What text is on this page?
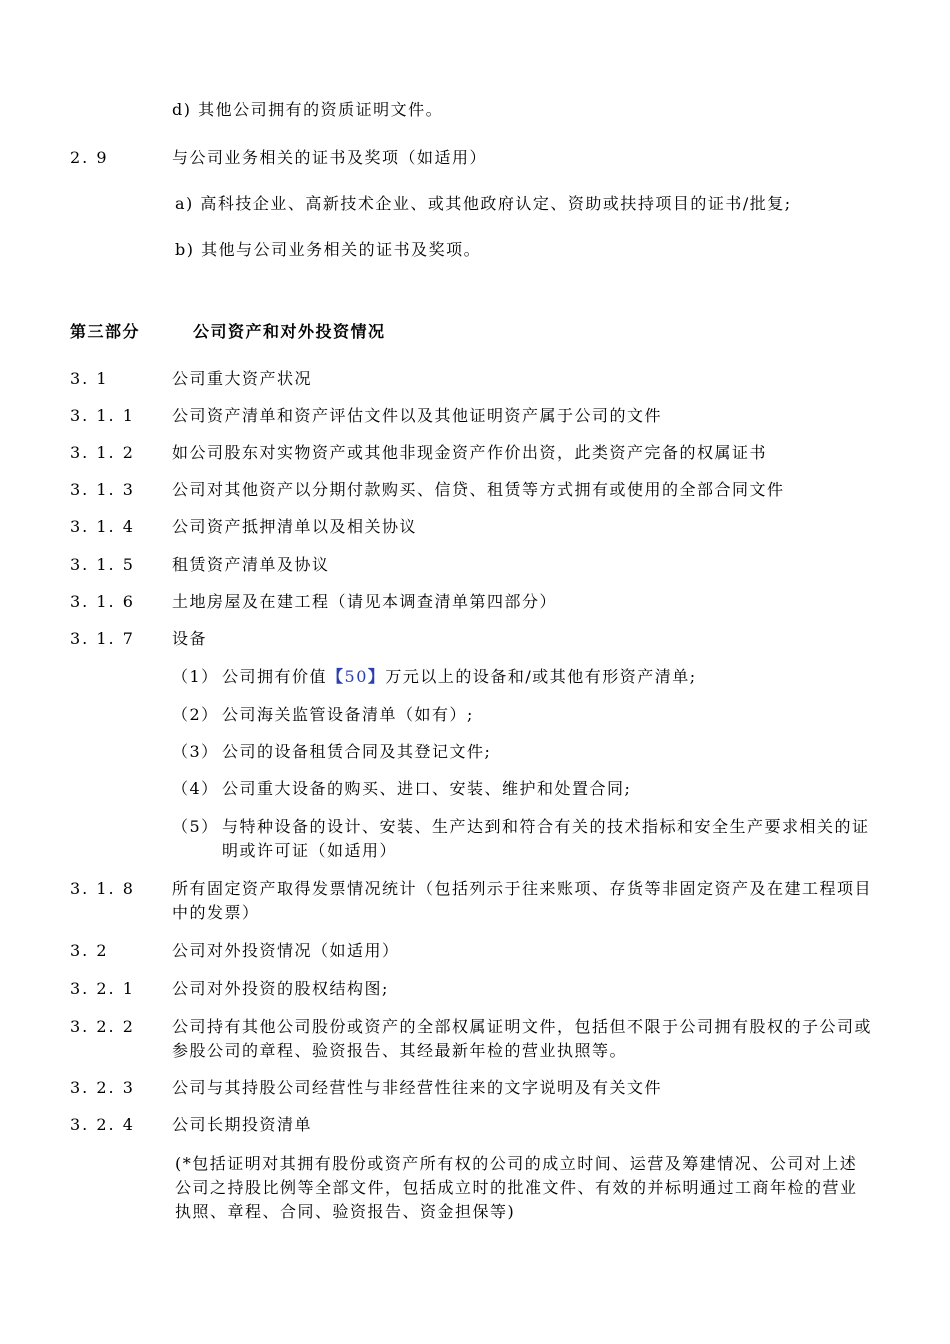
d) 其他公司拥有的资质证明文件。
2. 9	与公司业务相关的证书及奖项（如适用）
a) 高科技企业、高新技术企业、或其他政府认定、资助或扶持项目的证书/批复;
b) 其他与公司业务相关的证书及奖项。
第三部分	公司资产和对外投资情况
3. 1	公司重大资产状况
3. 1. 1 公司资产清单和资产评估文件以及其他证明资产属于公司的文件
3. 1. 2 如公司股东对实物资产或其他非现金资产作价出资，此类资产完备的权属证书
3. 1. 3 公司对其他资产以分期付款购买、信贷、租赁等方式拥有或使用的全部合同文件
3. 1. 4 公司资产抵押清单以及相关协议
3. 1. 5 租赁资产清单及协议
3. 1. 6 土地房屋及在建工程（请见本调查清单第四部分）
3. 1. 7 设备
（1） 公司拥有价值【50】万元以上的设备和/或其他有形资产清单;
（2） 公司海关监管设备清单（如有）;
（3） 公司的设备租赁合同及其登记文件;
（4） 公司重大设备的购买、进口、安装、维护和处置合同;
（5） 与特种设备的设计、安装、生产达到和符合有关的技术指标和安全生产要求相关的证明或许可证（如适用）
3. 1. 8 所有固定资产取得发票情况统计（包括列示于往来账项、存货等非固定资产及在建工程项目中的发票）
3. 2	公司对外投资情况（如适用）
3. 2. 1 公司对外投资的股权结构图;
3. 2. 2 公司持有其他公司股份或资产的全部权属证明文件，包括但不限于公司拥有股权的子公司或参股公司的章程、验资报告、其经最新年检的营业执照等。
3. 2. 3 公司与其持股公司经营性与非经营性往来的文字说明及有关文件
3. 2. 4 公司长期投资清单
(*包括证明对其拥有股份或资产所有权的公司的成立时间、运营及筹建情况、公司对上述公司之持股比例等全部文件，包括成立时的批准文件、有效的并标明通过工商年检的营业执照、章程、合同、验资报告、资金担保等)
